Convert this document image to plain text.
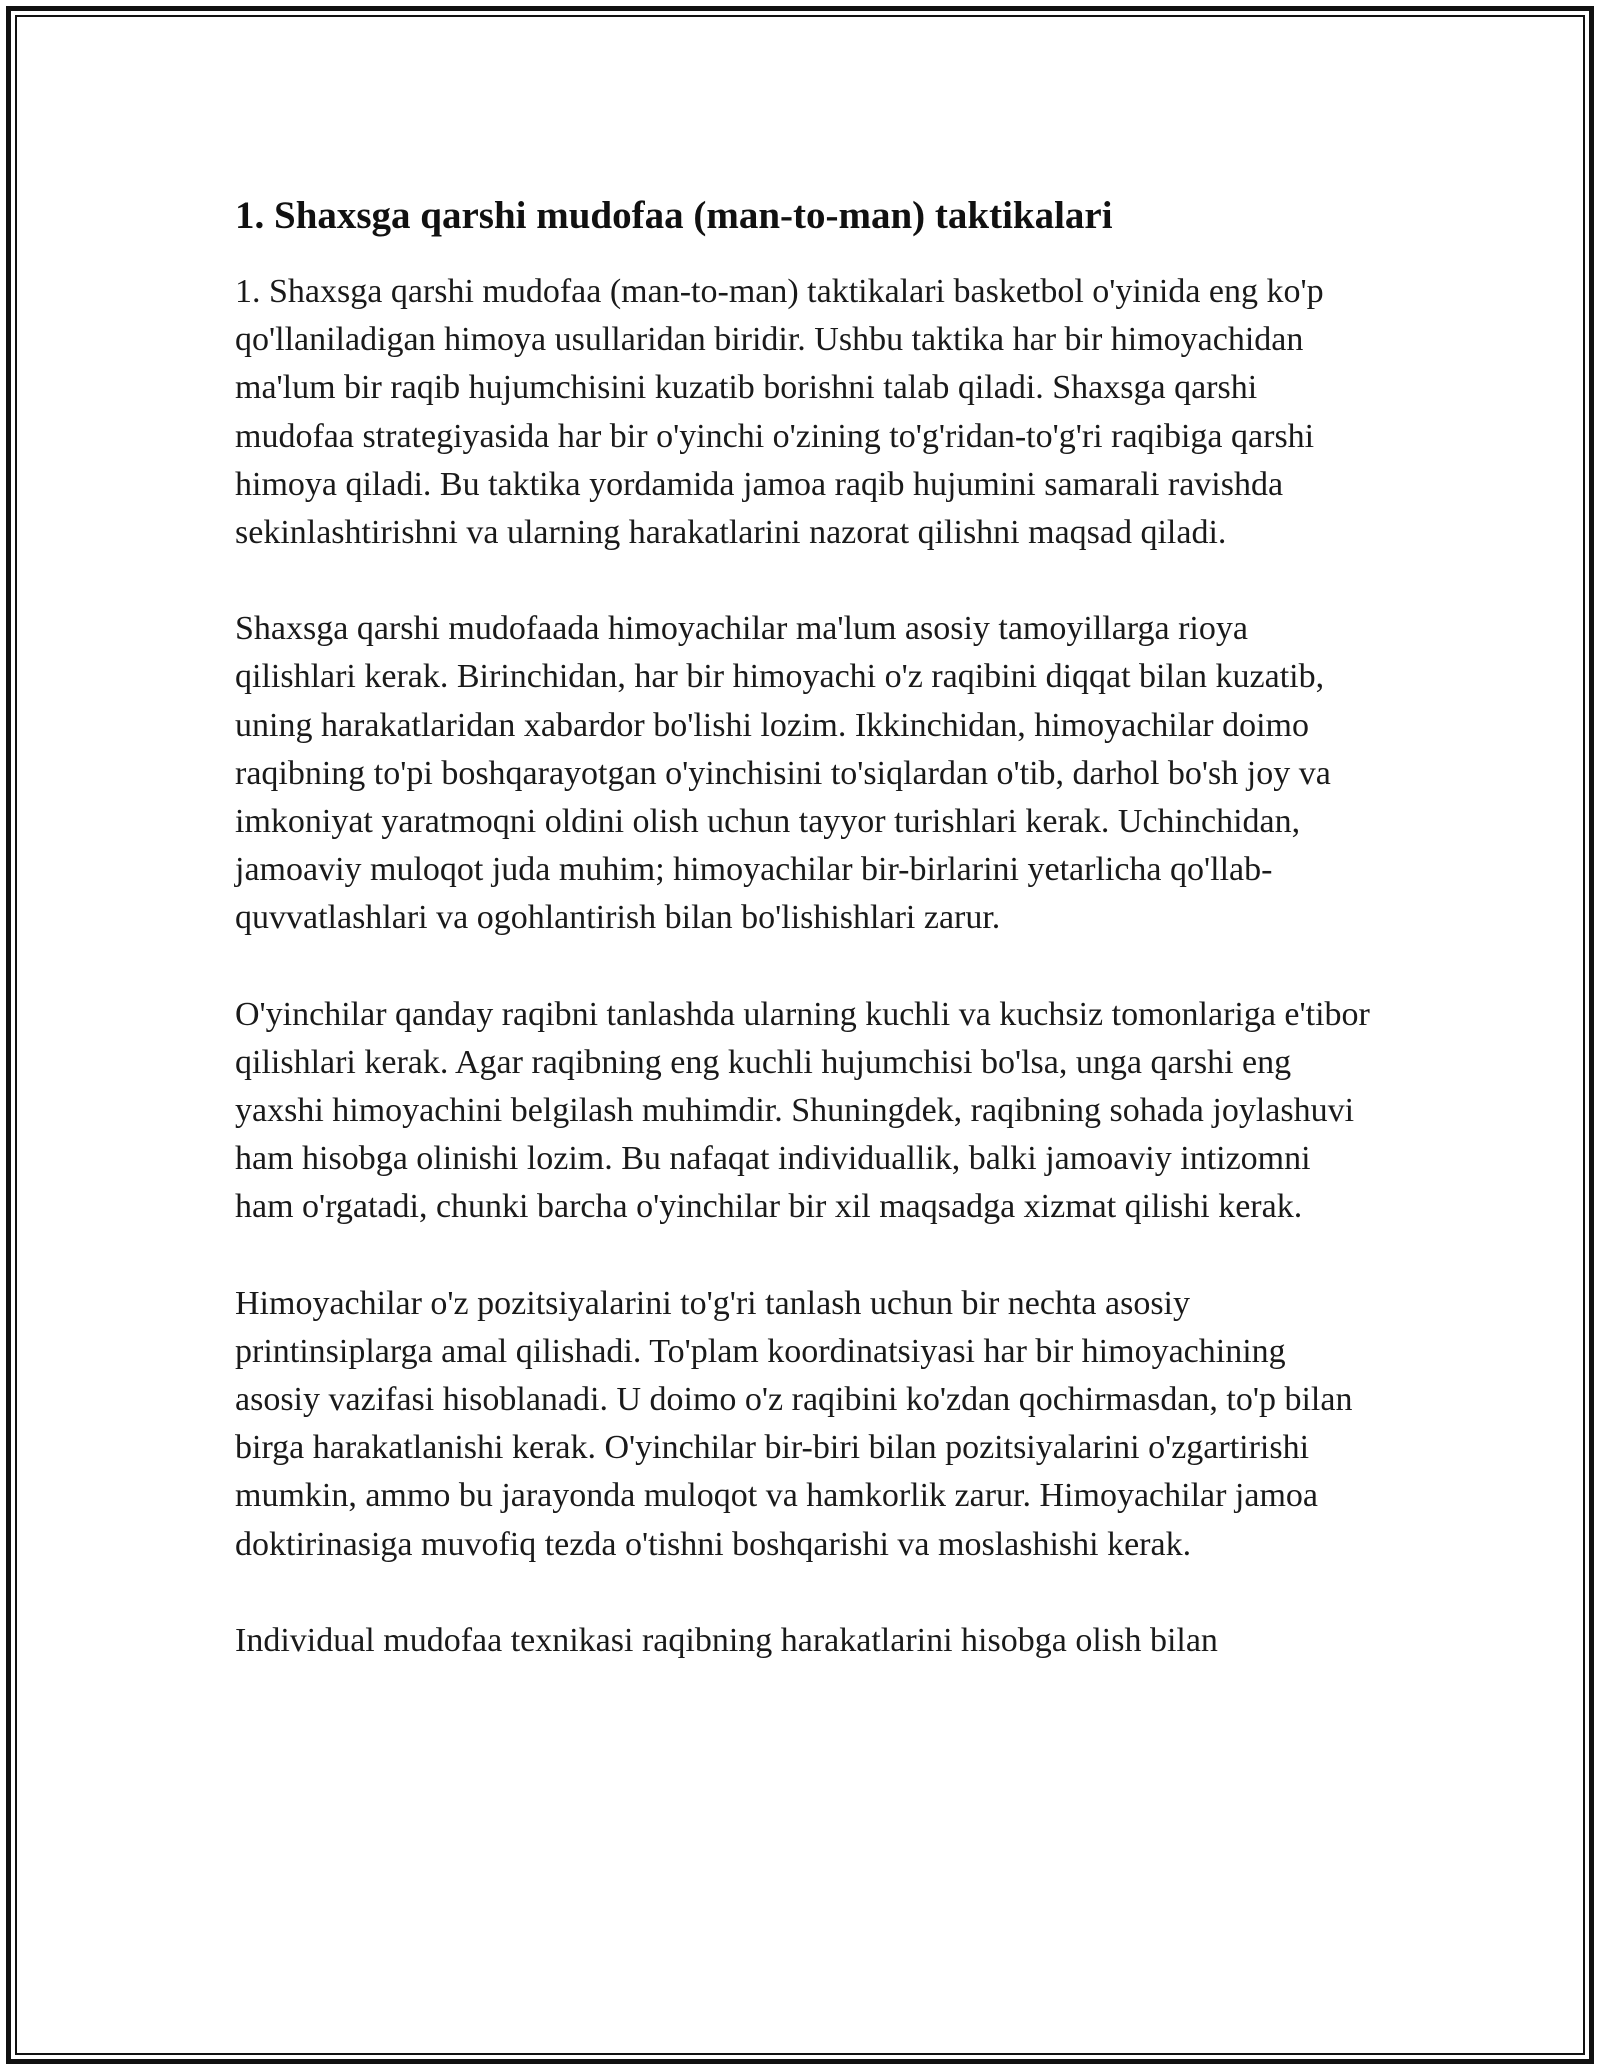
1. Shaxsga qarshi mudofaa (man-to-man) taktikalari

1. Shaxsga qarshi mudofaa (man-to-man) taktikalari basketbol o'yinida eng ko'p qo'llaniladigan himoya usullaridan biridir. Ushbu taktika har bir himoyachidan ma'lum bir raqib hujumchisini kuzatib borishni talab qiladi. Shaxsga qarshi mudofaa strategiyasida har bir o'yinchi o'zining to'g'ridan-to'g'ri raqibiga qarshi himoya qiladi. Bu taktika yordamida jamoa raqib hujumini samarali ravishda sekinlashtirishni va ularning harakatlarini nazorat qilishni maqsad qiladi.

Shaxsga qarshi mudofaada himoyachilar ma'lum asosiy tamoyillarga rioya qilishlari kerak. Birinchidan, har bir himoyachi o'z raqibini diqqat bilan kuzatib, uning harakatlaridan xabardor bo'lishi lozim. Ikkinchidan, himoyachilar doimo raqibning to'pi boshqarayotgan o'yinchisini to'siqlardan o'tib, darhol bo'sh joy va imkoniyat yaratmoqni oldini olish uchun tayyor turishlari kerak. Uchinchidan, jamoaviy muloqot juda muhim; himoyachilar bir-birlarini yetarlicha qo'llab-quvvatlashlari va ogohlantirish bilan bo'lishishlari zarur.

O'yinchilar qanday raqibni tanlashda ularning kuchli va kuchsiz tomonlariga e'tibor qilishlari kerak. Agar raqibning eng kuchli hujumchisi bo'lsa, unga qarshi eng yaxshi himoyachini belgilash muhimdir. Shuningdek, raqibning sohada joylashuvi ham hisobga olinishi lozim. Bu nafaqat individuallik, balki jamoaviy intizomni ham o'rgatadi, chunki barcha o'yinchilar bir xil maqsadga xizmat qilishi kerak.

Himoyachilar o'z pozitsiyalarini to'g'ri tanlash uchun bir nechta asosiy printinsiplarga amal qilishadi. To'plam koordinatsiyasi har bir himoyachining asosiy vazifasi hisoblanadi. U doimo o'z raqibini ko'zdan qochirmasdan, to'p bilan birga harakatlanishi kerak. O'yinchilar bir-biri bilan pozitsiyalarini o'zgartirishi mumkin, ammo bu jarayonda muloqot va hamkorlik zarur. Himoyachilar jamoa doktirinasiga muvofiq tezda o'tishni boshqarishi va moslashishi kerak.

Individual mudofaa texnikasi raqibning harakatlarini hisobga olish bilan
